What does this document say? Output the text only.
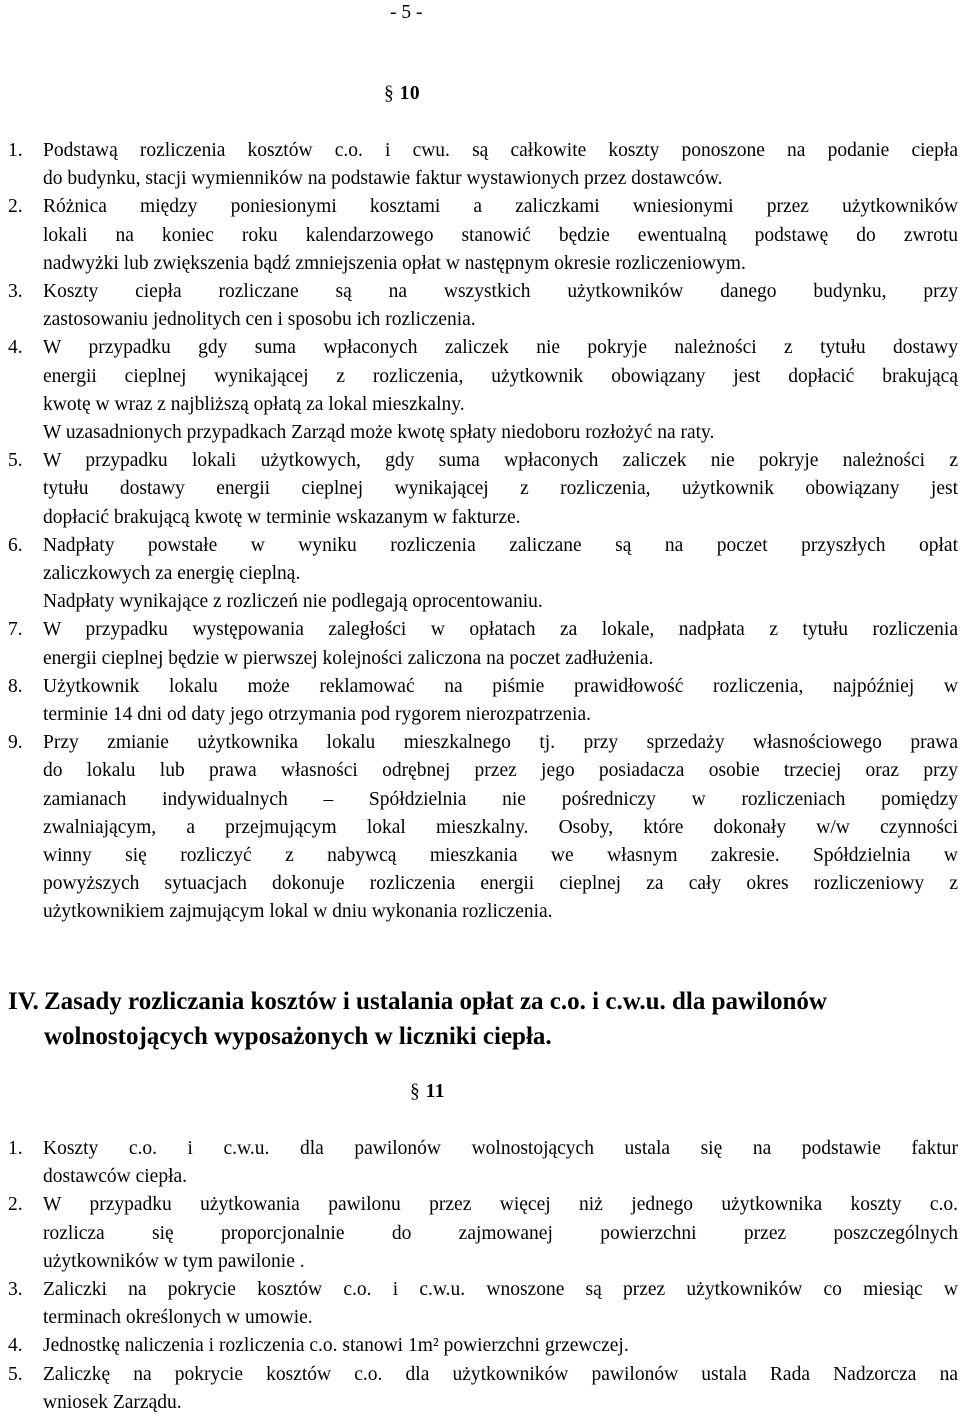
- 5 -
§ 10
1. Podstawą rozliczenia kosztów c.o. i cwu. są całkowite koszty ponoszone na podanie ciepła
do budynku, stacji wymienników na podstawie faktur wystawionych przez dostawców.
2. Różnica między poniesionymi kosztami a zaliczkami wniesionymi przez użytkowników
lokali na koniec roku kalendarzowego stanowić będzie ewentualną podstawę do zwrotu
nadwyżki lub zwiększenia bądź zmniejszenia opłat w następnym okresie rozliczeniowym.
3. Koszty ciepła rozliczane są na wszystkich użytkowników danego budynku, przy
zastosowaniu jednolitych cen i sposobu ich rozliczenia.
4. W przypadku gdy suma wpłaconych zaliczek nie pokryje należności z tytułu dostawy
energii cieplnej wynikającej z rozliczenia, użytkownik obowiązany jest dopłacić brakującą
kwotę w wraz z najbliższą opłatą za lokal mieszkalny.
W uzasadnionych przypadkach Zarząd może kwotę spłaty niedoboru rozłożyć na raty.
5. W przypadku lokali użytkowych, gdy suma wpłaconych zaliczek nie pokryje należności z
tytułu dostawy energii cieplnej wynikającej z rozliczenia, użytkownik obowiązany jest
dopłacić brakującą kwotę w terminie wskazanym w fakturze.
6. Nadpłaty powstałe w wyniku rozliczenia zaliczane są na poczet przyszłych opłat
zaliczkowych za energię cieplną.
Nadpłaty wynikające z rozliczeń nie podlegają oprocentowaniu.
7. W przypadku występowania zaległości w opłatach za lokale, nadpłata z tytułu rozliczenia
energii cieplnej będzie w pierwszej kolejności zaliczona na poczet zadłużenia.
8. Użytkownik lokalu może reklamować na piśmie prawidłowość rozliczenia, najpóźniej w
terminie 14 dni od daty jego otrzymania pod rygorem nierozpatrzenia.
9. Przy zmianie użytkownika lokalu mieszkalnego tj. przy sprzedaży własnościowego prawa
do lokalu lub prawa własności odrębnej przez jego posiadacza osobie trzeciej oraz przy
zamianach indywidualnych – Spółdzielnia nie pośredniczy w rozliczeniach pomiędzy
zwalniającym, a przejmującym lokal mieszkalny. Osoby, które dokonały w/w czynności
winny się rozliczyć z nabywcą mieszkania we własnym zakresie. Spółdzielnia w
powyższych sytuacjach dokonuje rozliczenia energii cieplnej za cały okres rozliczeniowy z
użytkownikiem zajmującym lokal w dniu wykonania rozliczenia.
IV. Zasady rozliczania kosztów i ustalania opłat za c.o. i c.w.u. dla pawilonów
wolnostojących wyposażonych w liczniki ciepła.
§ 11
1. Koszty c.o. i c.w.u. dla pawilonów wolnostojących ustala się na podstawie faktur
dostawców ciepła.
2. W przypadku użytkowania pawilonu przez więcej niż jednego użytkownika koszty c.o.
rozlicza się proporcjonalnie do zajmowanej powierzchni przez poszczególnych
użytkowników w tym pawilonie .
3. Zaliczki na pokrycie kosztów c.o. i c.w.u. wnoszone są przez użytkowników co miesiąc w
terminach określonych w umowie.
4. Jednostkę naliczenia i rozliczenia c.o. stanowi 1m² powierzchni grzewczej.
5. Zaliczkę na pokrycie kosztów c.o. dla użytkowników pawilonów ustala Rada Nadzorcza na
wniosek Zarządu.
